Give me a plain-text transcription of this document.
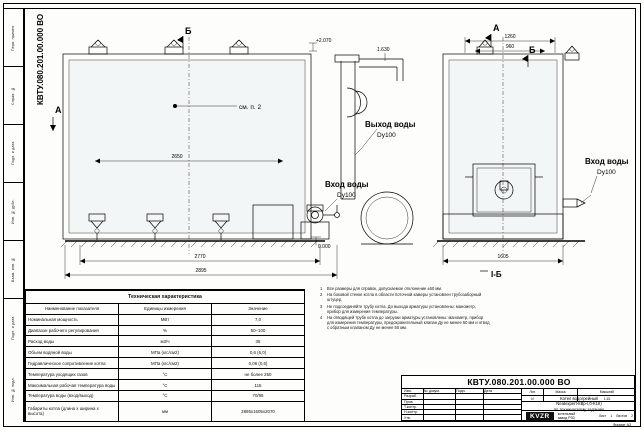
Перв. примен.
Справ. №
Подп. и дата
Инв. № дубл.
Взам. инв. №
Подп. и дата
Инв. № подл.
КВТУ.080.201.00.000 ВО	1.630
+2.070
0.000
см. п. 2
2650
2770
2895
А
Б
Выход воды
Dy100
Вход воды
Dy100
А
Б
1260
960
1605
I-Б
Вход воды
Dy100
Техническая характеристика		
Наименование показателя	Единицы измерения	Значение
Номинальная мощность	МВт	7,0
Диапазон рабочего регулирования	%	50–100
Расход воды	м3/ч	35
Объем водяной воды	МПа (кгс/см2)	0,6 (6,0)
Гидравлическое сопротивление котла	МПа (кгс/см2)	0,06 (0,6)
Температура уходящих газов	°С	не более 250
Максимальная рабочая температура воды	°С	115
Температура воды (вход/выход)	°С	70/95
Габариты котла (длина х ширина х высота)	мм	2895х1605х2070
1	Все размеры для справок, допускаемое отклонение ±50 мм.
2	На боковой стенке котла в области поточной камеры установлен трубозаборный штуцер.
3	Не подсоединяйте трубу котла. До выхода арматуры установлены: манометр, прибор для измерения температуры.
4	На отводящей трубе котла до загрузки арматуры установлены: манометр, прибор для измерения температуры, предохранительный клапан Ду не менее 50 мм и отвод с обратным клапаном Ду не менее 50 мм.
КВТУ.080.201.00.000 ВО
Изм.	№ докум.	Подп.	Дата
Разраб.
Пров.
Т.контр.
Н.контр.
Утв.
Лит.	Масса	Масштаб
И	1:15
Котел водогрейный
Neatexpert-КВр-I,0-К1К)
по техническому заданию
KVZR	котельный
завод Р30	Лист 1 Листов 2
Формат А3
